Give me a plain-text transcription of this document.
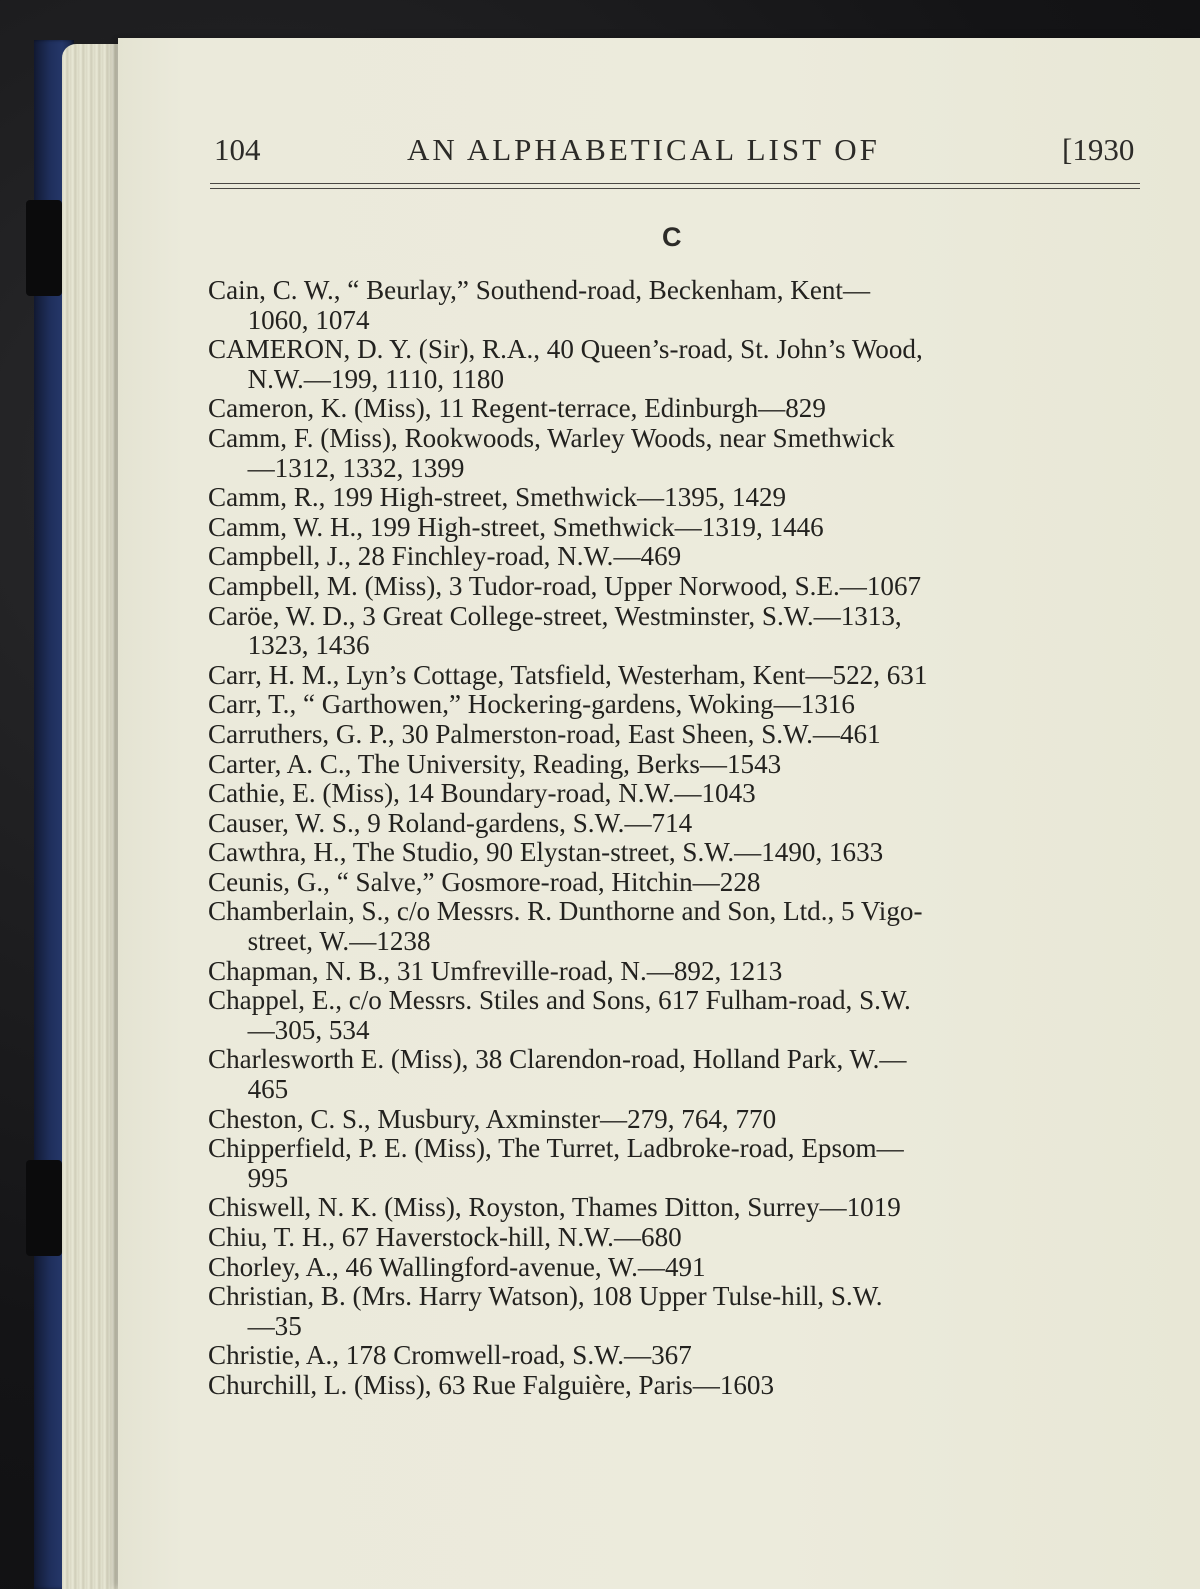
104	AN ALPHABETICAL LIST OF	[1930
C
Cain, C. W., “ Beurlay,” Southend-road, Beckenham, Kent—
1060, 1074
CAMERON, D. Y. (Sir), R.A., 40 Queen’s-road, St. John’s Wood,
N.W.—199, 1110, 1180
Cameron, K. (Miss), 11 Regent-terrace, Edinburgh—829
Camm, F. (Miss), Rookwoods, Warley Woods, near Smethwick
—1312, 1332, 1399
Camm, R., 199 High-street, Smethwick—1395, 1429
Camm, W. H., 199 High-street, Smethwick—1319, 1446
Campbell, J., 28 Finchley-road, N.W.—469
Campbell, M. (Miss), 3 Tudor-road, Upper Norwood, S.E.—1067
Caröe, W. D., 3 Great College-street, Westminster, S.W.—1313,
1323, 1436
Carr, H. M., Lyn’s Cottage, Tatsfield, Westerham, Kent—522, 631
Carr, T., “ Garthowen,” Hockering-gardens, Woking—1316
Carruthers, G. P., 30 Palmerston-road, East Sheen, S.W.—461
Carter, A. C., The University, Reading, Berks—1543
Cathie, E. (Miss), 14 Boundary-road, N.W.—1043
Causer, W. S., 9 Roland-gardens, S.W.—714
Cawthra, H., The Studio, 90 Elystan-street, S.W.—1490, 1633
Ceunis, G., “ Salve,” Gosmore-road, Hitchin—228
Chamberlain, S., c/o Messrs. R. Dunthorne and Son, Ltd., 5 Vigo-
street, W.—1238
Chapman, N. B., 31 Umfreville-road, N.—892, 1213
Chappel, E., c/o Messrs. Stiles and Sons, 617 Fulham-road, S.W.
—305, 534
Charlesworth E. (Miss), 38 Clarendon-road, Holland Park, W.—
465
Cheston, C. S., Musbury, Axminster—279, 764, 770
Chipperfield, P. E. (Miss), The Turret, Ladbroke-road, Epsom—
995
Chiswell, N. K. (Miss), Royston, Thames Ditton, Surrey—1019
Chiu, T. H., 67 Haverstock-hill, N.W.—680
Chorley, A., 46 Wallingford-avenue, W.—491
Christian, B. (Mrs. Harry Watson), 108 Upper Tulse-hill, S.W.
—35
Christie, A., 178 Cromwell-road, S.W.—367
Churchill, L. (Miss), 63 Rue Falguière, Paris—1603
